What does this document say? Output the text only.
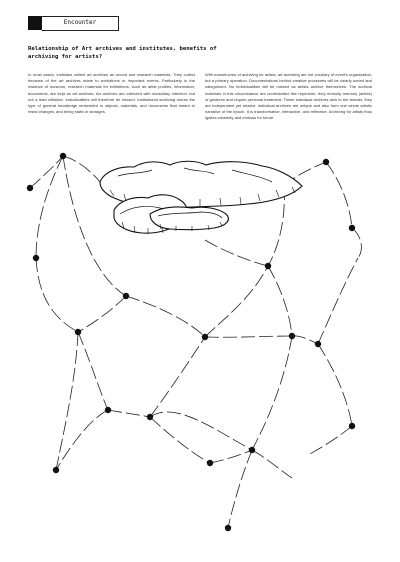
Encounter
Relationship of Art archives and institutes, benefits of archiving for artists?
In most cases, institutes collect art archives as record and research materials. They collect because of the art archives relate to exhibitions or important events. Particularly in the instance of museum, research materials for exhibitions, such as artist profiles, information, documents, are kept as art archives. Art archives are collected with subsidiary intention, but not a lead initiative. Individualities will therefore be missed. Institutional archiving stores the type of general knowledge embedded in objects, materials, and documents that meant to resist changes, and being static in storages.
With manoeuvres of archiving for artists, art archiving are not corollary of event's organisation, but a primary operation. Documentations behind creative processes will be clearly sorted and categorised. No individualities will be missed as artists archive themselves. The archival materials in this circumstance are orchestrated like repertoire, they embody memory (article) of gestures and require personal treatment. These individual archives akin to the islands, they are independent yet related. Individual archives are unique and also form one whole artistic narrative of the epoch. It is transformative, interactive, and reflective. Archiving for artists thus ignites creativity and endows for future.
